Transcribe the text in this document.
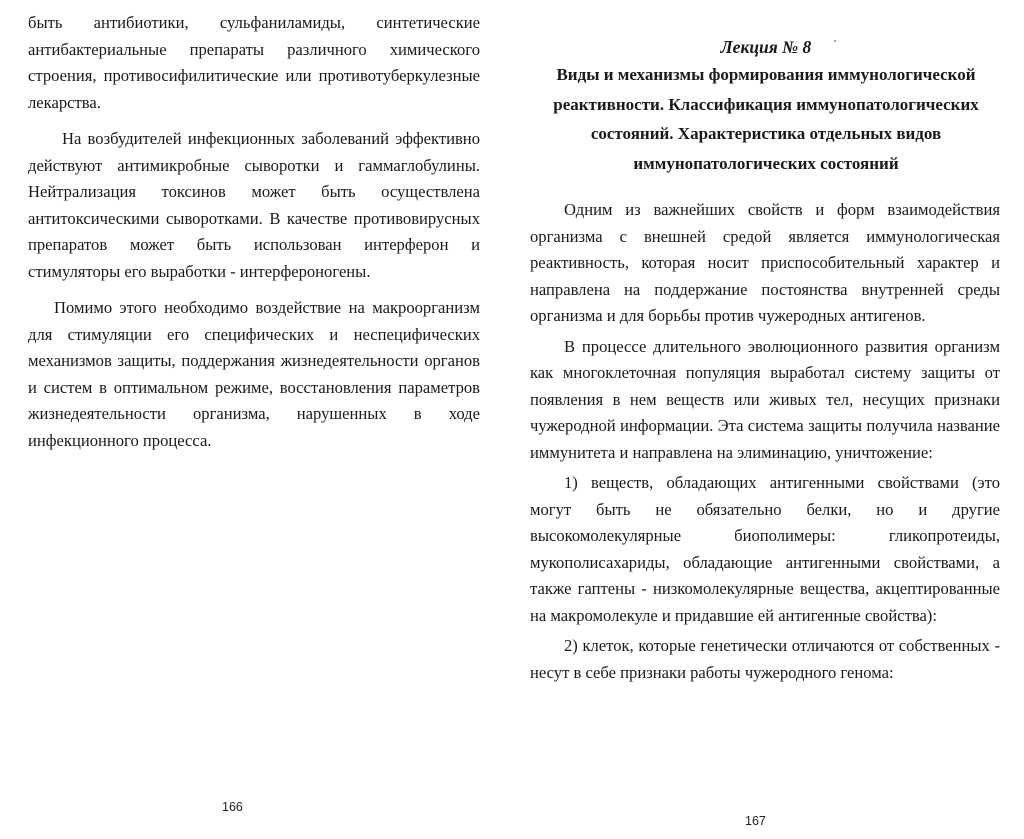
быть антибиотики, сульфаниламиды, синтетические антибактериальные препараты различного химического строения, противосифилитические или противотуберкулезные лекарства.

На возбудителей инфекционных заболеваний эффективно действуют антимикробные сыворотки и гаммаглобулины. Нейтрализация токсинов может быть осуществлена антитоксическими сыворотками. В качестве противовирусных препаратов может быть использован интерферон и стимуляторы его выработки - интерфероногены.

Помимо этого необходимо воздействие на макроорганизм для стимуляции его специфических и неспецифических механизмов защиты, поддержания жизнедеятельности органов и систем в оптимальном режиме, восстановления параметров жизнедеятельности организма, нарушенных в ходе инфекционного процесса.

166
Лекция № 8
Виды и механизмы формирования иммунологической реактивности. Классификация иммунопатологических состояний. Характеристика отдельных видов иммунопатологических состояний

Одним из важнейших свойств и форм взаимодействия организма с внешней средой является иммунологическая реактивность, которая носит приспособительный характер и направлена на поддержание постоянства внутренней среды организма и для борьбы против чужеродных антигенов.

В процессе длительного эволюционного развития организм как многоклеточная популяция выработал систему защиты от появления в нем веществ или живых тел, несущих признаки чужеродной информации. Эта система защиты получила название иммунитета и направлена на элиминацию, уничтожение:

1) веществ, обладающих антигенными свойствами (это могут быть не обязательно белки, но и другие высокомолекулярные биополимеры: гликопротеиды, мукополисахариды, обладающие антигенными свойствами, а также гаптены - низкомолекулярные вещества, акцептированные на макромолекуле и придавшие ей антигенные свойства):

2) клеток, которые генетически отличаются от собственных - несут в себе признаки работы чужеродного генома:

167
